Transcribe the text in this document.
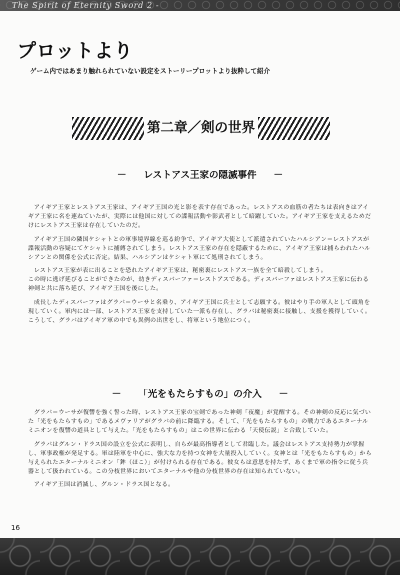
The Spirit of Eternity Sword 2 -
プロットより
ゲーム内ではあまり触れられていない設定をストーリープロットより抜粋して紹介
第二章／剣の世界
－ レストアス王家の隠滅事件 －

アイギア王家とレストアス王家は、アイギア王国の光と影を表す存在であった。レストアスの血筋の者たちは表向きはアイギア王家に名を連ねていたが、実際には他国に対しての諜報活動や影武者として暗躍していた。アイギア王家を支えるためだけにレストアス王家は存在していたのだ。

アイギア王国の隣国ケシャトとの軍事境界線を巡る紛争で、アイギア大使として派遣されていたハルシアン＝レストアスが諜報活動の容疑にてケシャトに捕縛されてしまう。レストアス王家の存在を隠蔽するために、アイギア王家は捕らわれたハルシアンとの関係を公式に否定。結果、ハルシアンはケシャト軍にて処刑されてしまう。

レストアス王家が表に出ることを恐れたアイギア王家は、秘密裏にレストアス一族を全て暗殺してしまう。
この時に逃げ延びることができたのが、幼きディスパーファ＝レストアスである。ディスパーファはレストアス王家に伝わる神剣と共に落ち延び、アイギア王国を後にした。

成長したディスパーファはグラバ＝ウーサと名乗り、アイギア王国に兵士として志願する。彼はやり手の軍人として頭角を現していく。軍内には一部、レストアス王家を支持していた一派も存在し、グラバは秘密裏に接触し、支援を獲得していく。こうして、グラバはアイギア軍の中でも異例の出世をし、将軍という地位につく。

－ 「光をもたらすもの」の介入 －

グラバ＝ウーサが復讐を強く誓った時、レストアス王家の宝剣であった神剣「夜魔」が覚醒する。その神剣の反応に気づいた「光をもたらすもの」であるメヴァリアがグラバの前に降臨する。そして、「光をもたらすもの」の戦力であるエターナルミニオンを復讐の道具として与えた。「光をもたらすもの」はこの世界に伝わる「天使伝説」と合致していた。

グラバはグルン・ドラス国の設立を公式に表明し、自らが最高指導者として君臨した。議会はレストアス支持勢力が掌握し、軍事政権が発足する。軍は陸軍を中心に、強大な力を持つ女神を大量投入していく。女神とは「光をもたらすもの」から与えられたエターナルミニオン「鉾（ほこ）」が付けられる存在である。彼女らは意思を持たず、あくまで軍の指令に従う兵器として扱われている。この分枝世界においてエターナルや他の分枝世界の存在は知られていない。

アイギア王国は消滅し、グルン・ドラス国となる。

16
